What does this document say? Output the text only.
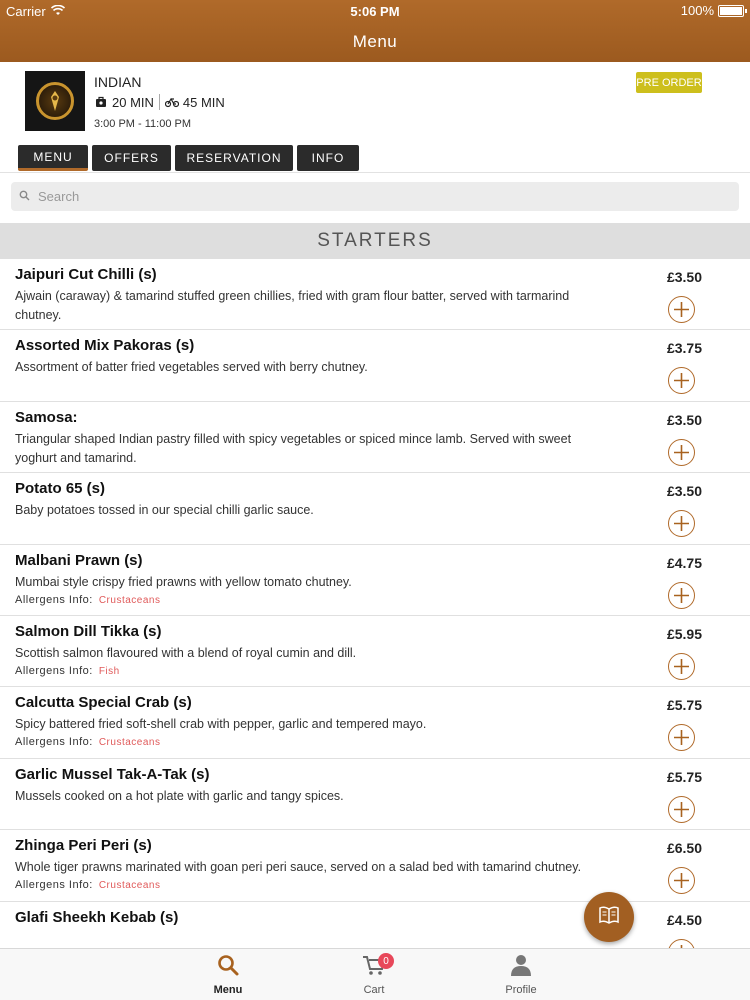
Carrier	5:06 PM	100%
Menu
INDIAN
20 MIN 45 MIN
3:00 PM - 11:00 PM
PRE ORDER
MENU	OFFERS	RESERVATION	INFO
Search
STARTERS
Jaipuri Cut Chilli (s)
Ajwain (caraway) & tamarind stuffed green chillies, fried with gram flour batter, served with tarmarind chutney.
£3.50
Assorted Mix Pakoras (s)
Assortment of batter fried vegetables served with berry chutney.
£3.75
Samosa:
Triangular shaped Indian pastry filled with spicy vegetables or spiced mince lamb. Served with sweet yoghurt and tamarind.
£3.50
Potato 65 (s)
Baby potatoes tossed in our special chilli garlic sauce.
£3.50
Malbani Prawn (s)
Mumbai style crispy fried prawns with yellow tomato chutney.
Allergens Info: Crustaceans
£4.75
Salmon Dill Tikka (s)
Scottish salmon flavoured with a blend of royal cumin and dill.
Allergens Info: Fish
£5.95
Calcutta Special Crab (s)
Spicy battered fried soft-shell crab with pepper, garlic and tempered mayo.
Allergens Info: Crustaceans
£5.75
Garlic Mussel Tak-A-Tak (s)
Mussels cooked on a hot plate with garlic and tangy spices.
£5.75
Zhinga Peri Peri (s)
Whole tiger prawns marinated with goan peri peri sauce, served on a salad bed with tamarind chutney.
Allergens Info: Crustaceans
£6.50
Glafi Sheekh Kebab (s)	£4.50
Menu
0
Cart	Profile
